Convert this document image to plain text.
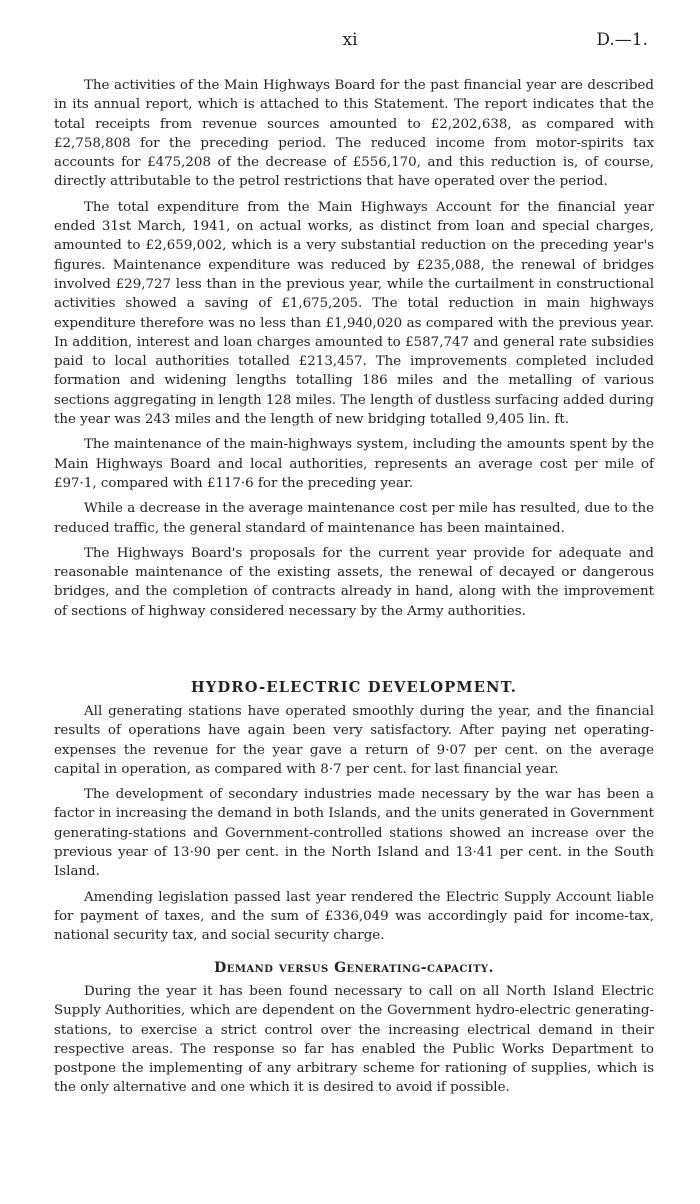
xi	D.—1.

The activities of the Main Highways Board for the past financial year are described in its annual report, which is attached to this Statement. The report indicates that the total receipts from revenue sources amounted to £2,202,638, as compared with £2,758,808 for the preceding period. The reduced income from motor-spirits tax accounts for £475,208 of the decrease of £556,170, and this reduction is, of course, directly attributable to the petrol restrictions that have operated over the period.

The total expenditure from the Main Highways Account for the financial year ended 31st March, 1941, on actual works, as distinct from loan and special charges, amounted to £2,659,002, which is a very substantial reduction on the preceding year's figures. Maintenance expenditure was reduced by £235,088, the renewal of bridges involved £29,727 less than in the previous year, while the curtailment in constructional activities showed a saving of £1,675,205. The total reduction in main highways expenditure therefore was no less than £1,940,020 as compared with the previous year. In addition, interest and loan charges amounted to £587,747 and general rate subsidies paid to local authorities totalled £213,457. The improvements completed included formation and widening lengths totalling 186 miles and the metalling of various sections aggregating in length 128 miles. The length of dustless surfacing added during the year was 243 miles and the length of new bridging totalled 9,405 lin. ft.

The maintenance of the main-highways system, including the amounts spent by the Main Highways Board and local authorities, represents an average cost per mile of £97·1, compared with £117·6 for the preceding year.

While a decrease in the average maintenance cost per mile has resulted, due to the reduced traffic, the general standard of maintenance has been maintained.

The Highways Board's proposals for the current year provide for adequate and reasonable maintenance of the existing assets, the renewal of decayed or dangerous bridges, and the completion of contracts already in hand, along with the improvement of sections of highway considered necessary by the Army authorities.

HYDRO-ELECTRIC DEVELOPMENT.

All generating stations have operated smoothly during the year, and the financial results of operations have again been very satisfactory. After paying net operating-expenses the revenue for the year gave a return of 9·07 per cent. on the average capital in operation, as compared with 8·7 per cent. for last financial year.

The development of secondary industries made necessary by the war has been a factor in increasing the demand in both Islands, and the units generated in Government generating-stations and Government-controlled stations showed an increase over the previous year of 13·90 per cent. in the North Island and 13·41 per cent. in the South Island.

Amending legislation passed last year rendered the Electric Supply Account liable for payment of taxes, and the sum of £336,049 was accordingly paid for income-tax, national security tax, and social security charge.

Demand versus Generating-capacity.

During the year it has been found necessary to call on all North Island Electric Supply Authorities, which are dependent on the Government hydro-electric generating-stations, to exercise a strict control over the increasing electrical demand in their respective areas. The response so far has enabled the Public Works Department to postpone the implementing of any arbitrary scheme for rationing of supplies, which is the only alternative and one which it is desired to avoid if possible.
